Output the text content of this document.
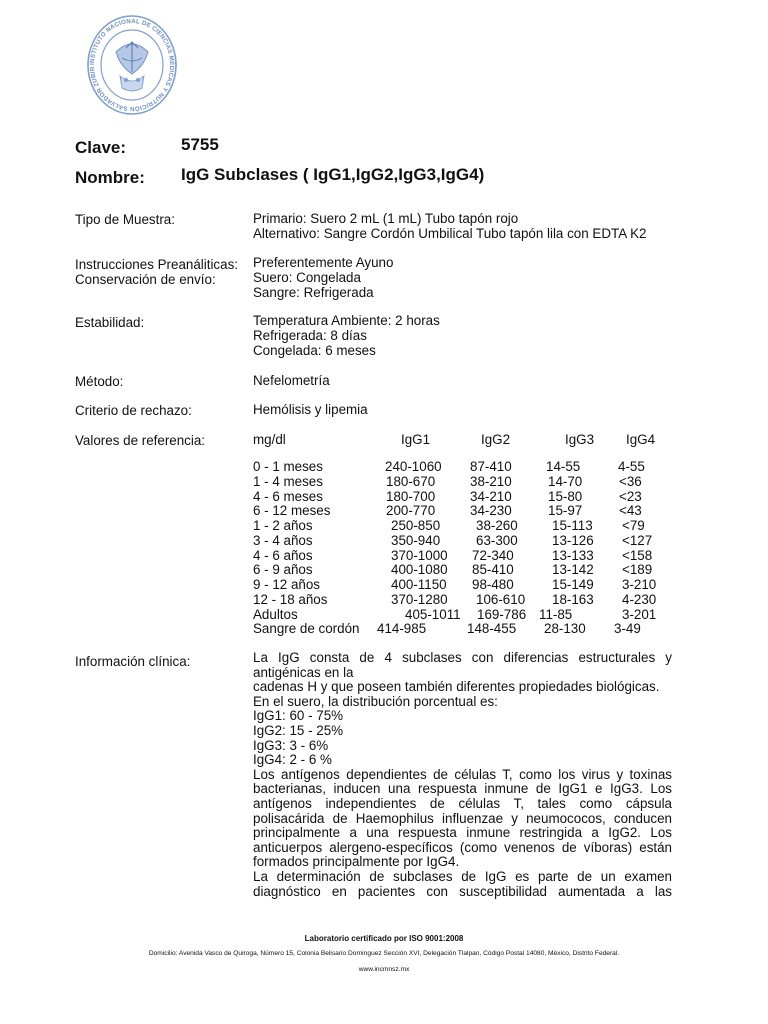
INSTITUTO NACIONAL DE CIENCIAS MÉDICAS Y NUTRICIÓN SALVADOR ZUBIR
Clave:	5755
Nombre: IgG Subclases ( IgG1,IgG2,IgG3,IgG4)
Tipo de Muestra:	Primario: Suero 2 mL (1 mL) Tubo tapón rojo
Alternativo: Sangre Cordón Umbilical Tubo tapón lila con EDTA K2
Instrucciones Preanáliticas:
Conservación de envío:
Preferentemente Ayuno
Suero: Congelada
Sangre: Refrigerada
Estabilidad:	Temperatura Ambiente: 2 horas
Refrigerada: 8 días
Congelada: 6 meses
Método:	Nefelometría
Criterio de rechazo:	Hemólisis y lipemia
Valores de referencia:	mg/dl	IgG1	IgG2	IgG3 IgG4
0 - 1 meses	240-1060 87-410	14-55	4-55
1 - 4 meses	180-670	38-210	14-70	<36
4 - 6 meses	180-700	34-210	15-80	<23
6 - 12 meses	200-770	34-230	15-97	<43
1 - 2 años	250-850	38-260	15-113 <79
3 - 4 años	350-940	63-300	13-126 <127
4 - 6 años	370-1000 72-340	13-133 <158
6 - 9 años	400-1080 85-410	13-142 <189
9 - 12 años	400-1150 98-480	15-149 3-210
12 - 18 años	370-1280 106-610 18-163 4-230
Adultos	405-1011 169-786 11-85	3-201
Sangre de cordón 414-985	148-455 28-130 3-49
Información clínica:	La IgG consta de 4 subclases con diferencias estructurales y

antigénicas en la

cadenas H y que poseen también diferentes propiedades biológicas.

En el suero, la distribución porcentual es:

IgG1: 60 - 75%

IgG2: 15 - 25%

IgG3: 3 - 6%

IgG4: 2 - 6 %

Los antígenos dependientes de células T, como los virus y toxinas bacterianas, inducen una respuesta inmune de IgG1 e IgG3. Los antígenos independientes de células T, tales como cápsula polisacárida de Haemophilus influenzae y neumococos, conducen principalmente a una respuesta inmune restringida a IgG2. Los anticuerpos alergeno-específicos (como venenos de víboras) están formados principalmente por IgG4.

La determinación de subclases de IgG es parte de un examen diagnóstico en pacientes con susceptibilidad aumentada a las

Laboratorio certificado por ISO 9001:2008
Domicilio: Avenida Vasco de Quiroga, Número 15, Colonia Belisario Domínguez Sección XVI, Delegación Tlalpan, Código Postal 14080, México, Distrito Federal.
www.incmnsz.mx
